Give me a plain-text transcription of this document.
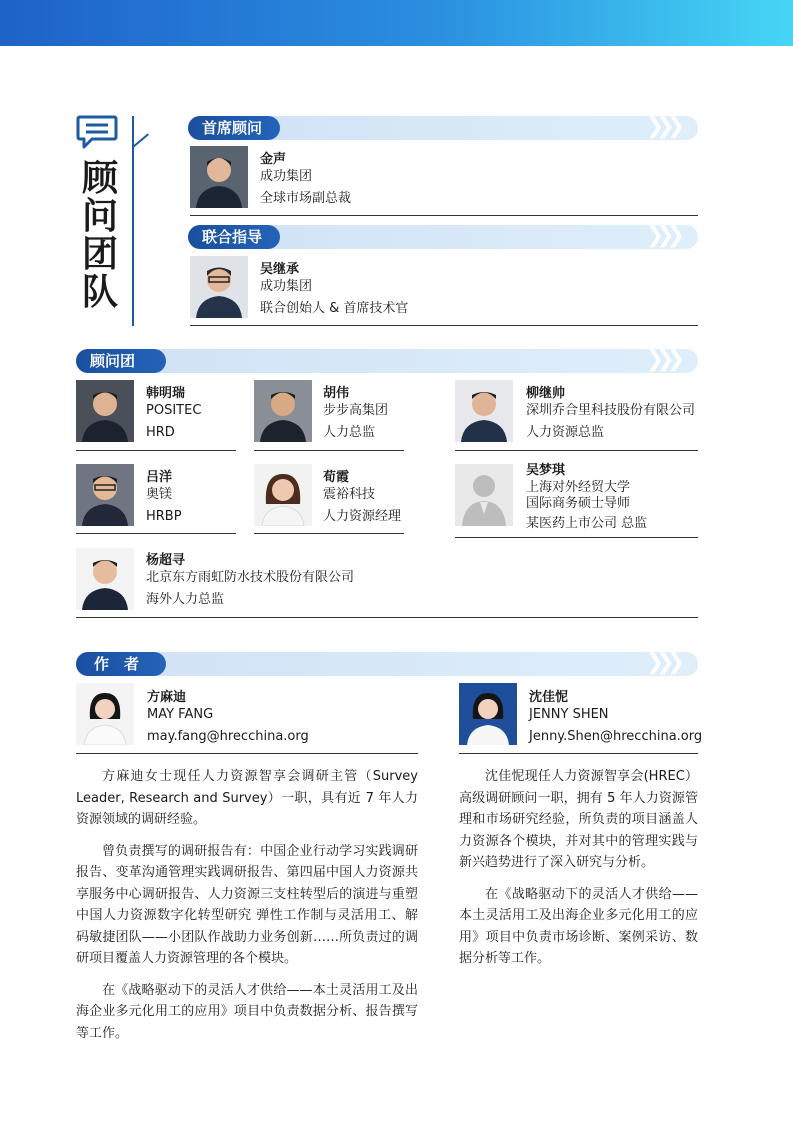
顾问团队
首席顾问	❯❯❯
金声
成功集团
全球市场副总裁
联合指导	❯❯❯
吴继承
成功集团
联合创始人 & 首席技术官
顾问团	❯❯❯
韩明瑞
POSITEC
HRD
胡伟
步步高集团
人力总监
柳继帅
深圳乔合里科技股份有限公司
人力资源总监
吕洋
奥镁
HRBP
荀霞
震裕科技
人力资源经理
吴梦琪
上海对外经贸大学
国际商务硕士导师
某医药上市公司 总监
杨超寻
北京东方雨虹防水技术股份有限公司
海外人力总监
作　者	❯❯❯
方麻迪
MAY FANG
may.fang@hrecchina.org

方麻迪女士现任人力资源智享会调研主管（Survey Leader, Research and Survey）一职，具有近 7 年人力资源领域的调研经验。

曾负责撰写的调研报告有：中国企业行动学习实践调研报告、变革沟通管理实践调研报告、第四届中国人力资源共享服务中心调研报告、人力资源三支柱转型后的演进与重塑中国人力资源数字化转型研究 弹性工作制与灵活用工、解码敏捷团队——小团队作战助力业务创新……所负责过的调研项目覆盖人力资源管理的各个模块。

在《战略驱动下的灵活人才供给——本土灵活用工及出海企业多元化用工的应用》项目中负责数据分析、报告撰写等工作。

沈佳怩
JENNY SHEN
Jenny.Shen@hrecchina.org

沈佳怩现任人力资源智享会(HREC）高级调研顾问一职，拥有 5 年人力资源管理和市场研究经验，所负责的项目涵盖人力资源各个模块，并对其中的管理实践与新兴趋势进行了深入研究与分析。

在《战略驱动下的灵活人才供给——本土灵活用工及出海企业多元化用工的应用》项目中负责市场诊断、案例采访、数据分析等工作。
